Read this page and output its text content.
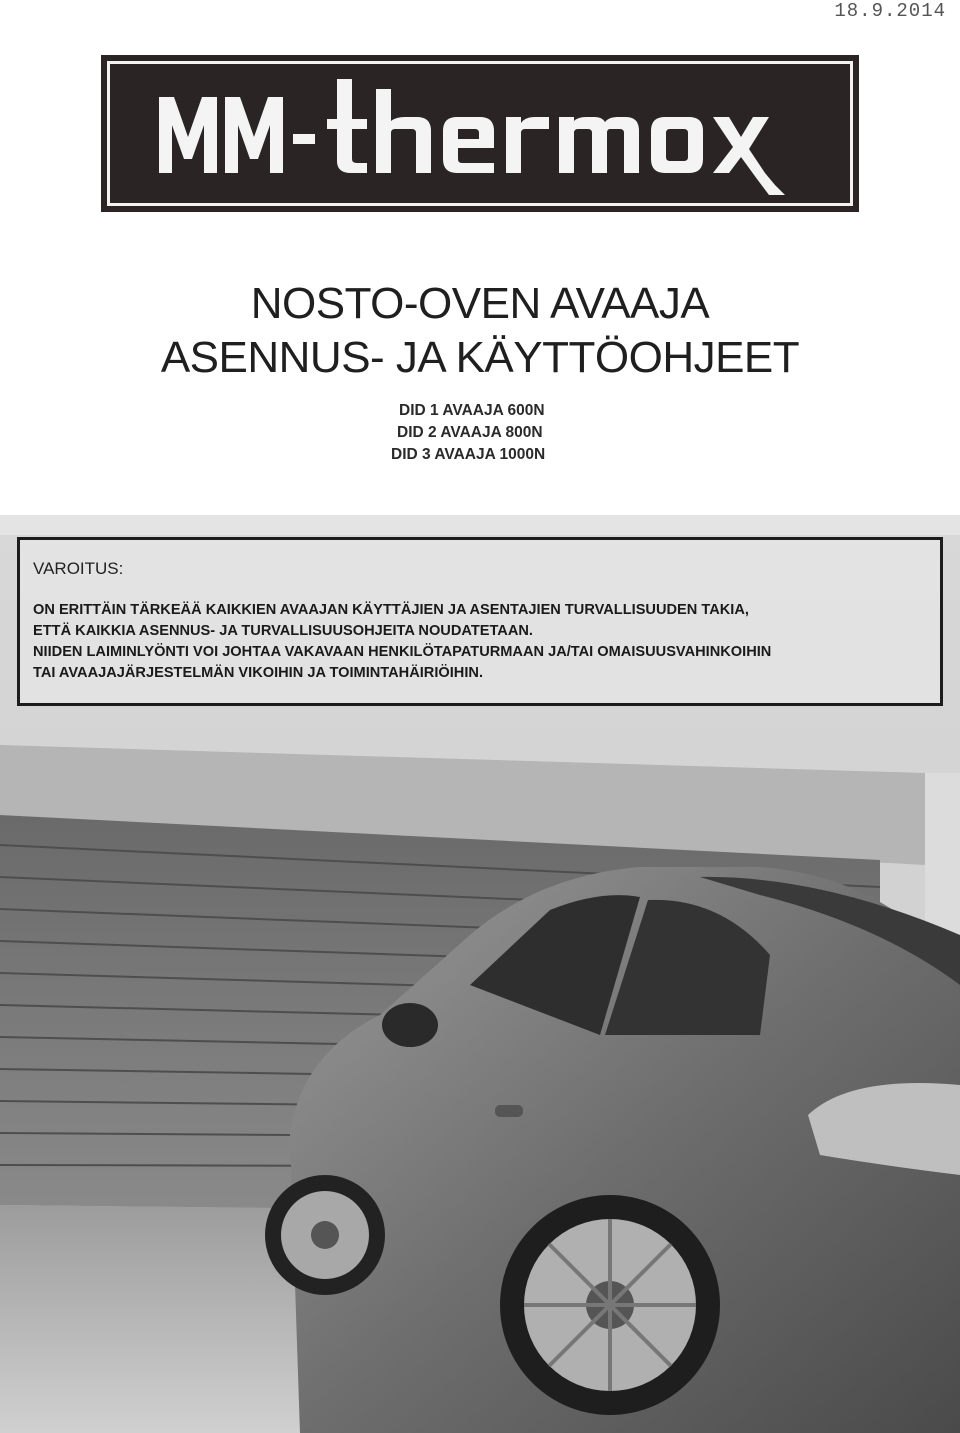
18.9.2014
NOSTO-OVEN AVAAJA
ASENNUS- JA KÄYTTÖOHJEET
DID 1 AVAAJA 600N
DID 2 AVAAJA 800N
DID 3 AVAAJA 1000N
VAROITUS:
ON ERITTÄIN TÄRKEÄÄ KAIKKIEN AVAAJAN KÄYTTÄJIEN JA ASENTAJIEN TURVALLISUUDEN TAKIA,
ETTÄ KAIKKIA ASENNUS- JA TURVALLISUUSOHJEITA NOUDATETAAN.
NIIDEN LAIMINLYÖNTI VOI JOHTAA VAKAVAAN HENKILÖTAPATURMAAN JA/TAI OMAISUUSVAHINKOIHIN
TAI AVAAJAJÄRJESTELMÄN VIKOIHIN JA TOIMINTAHÄIRIÖIHIN.
